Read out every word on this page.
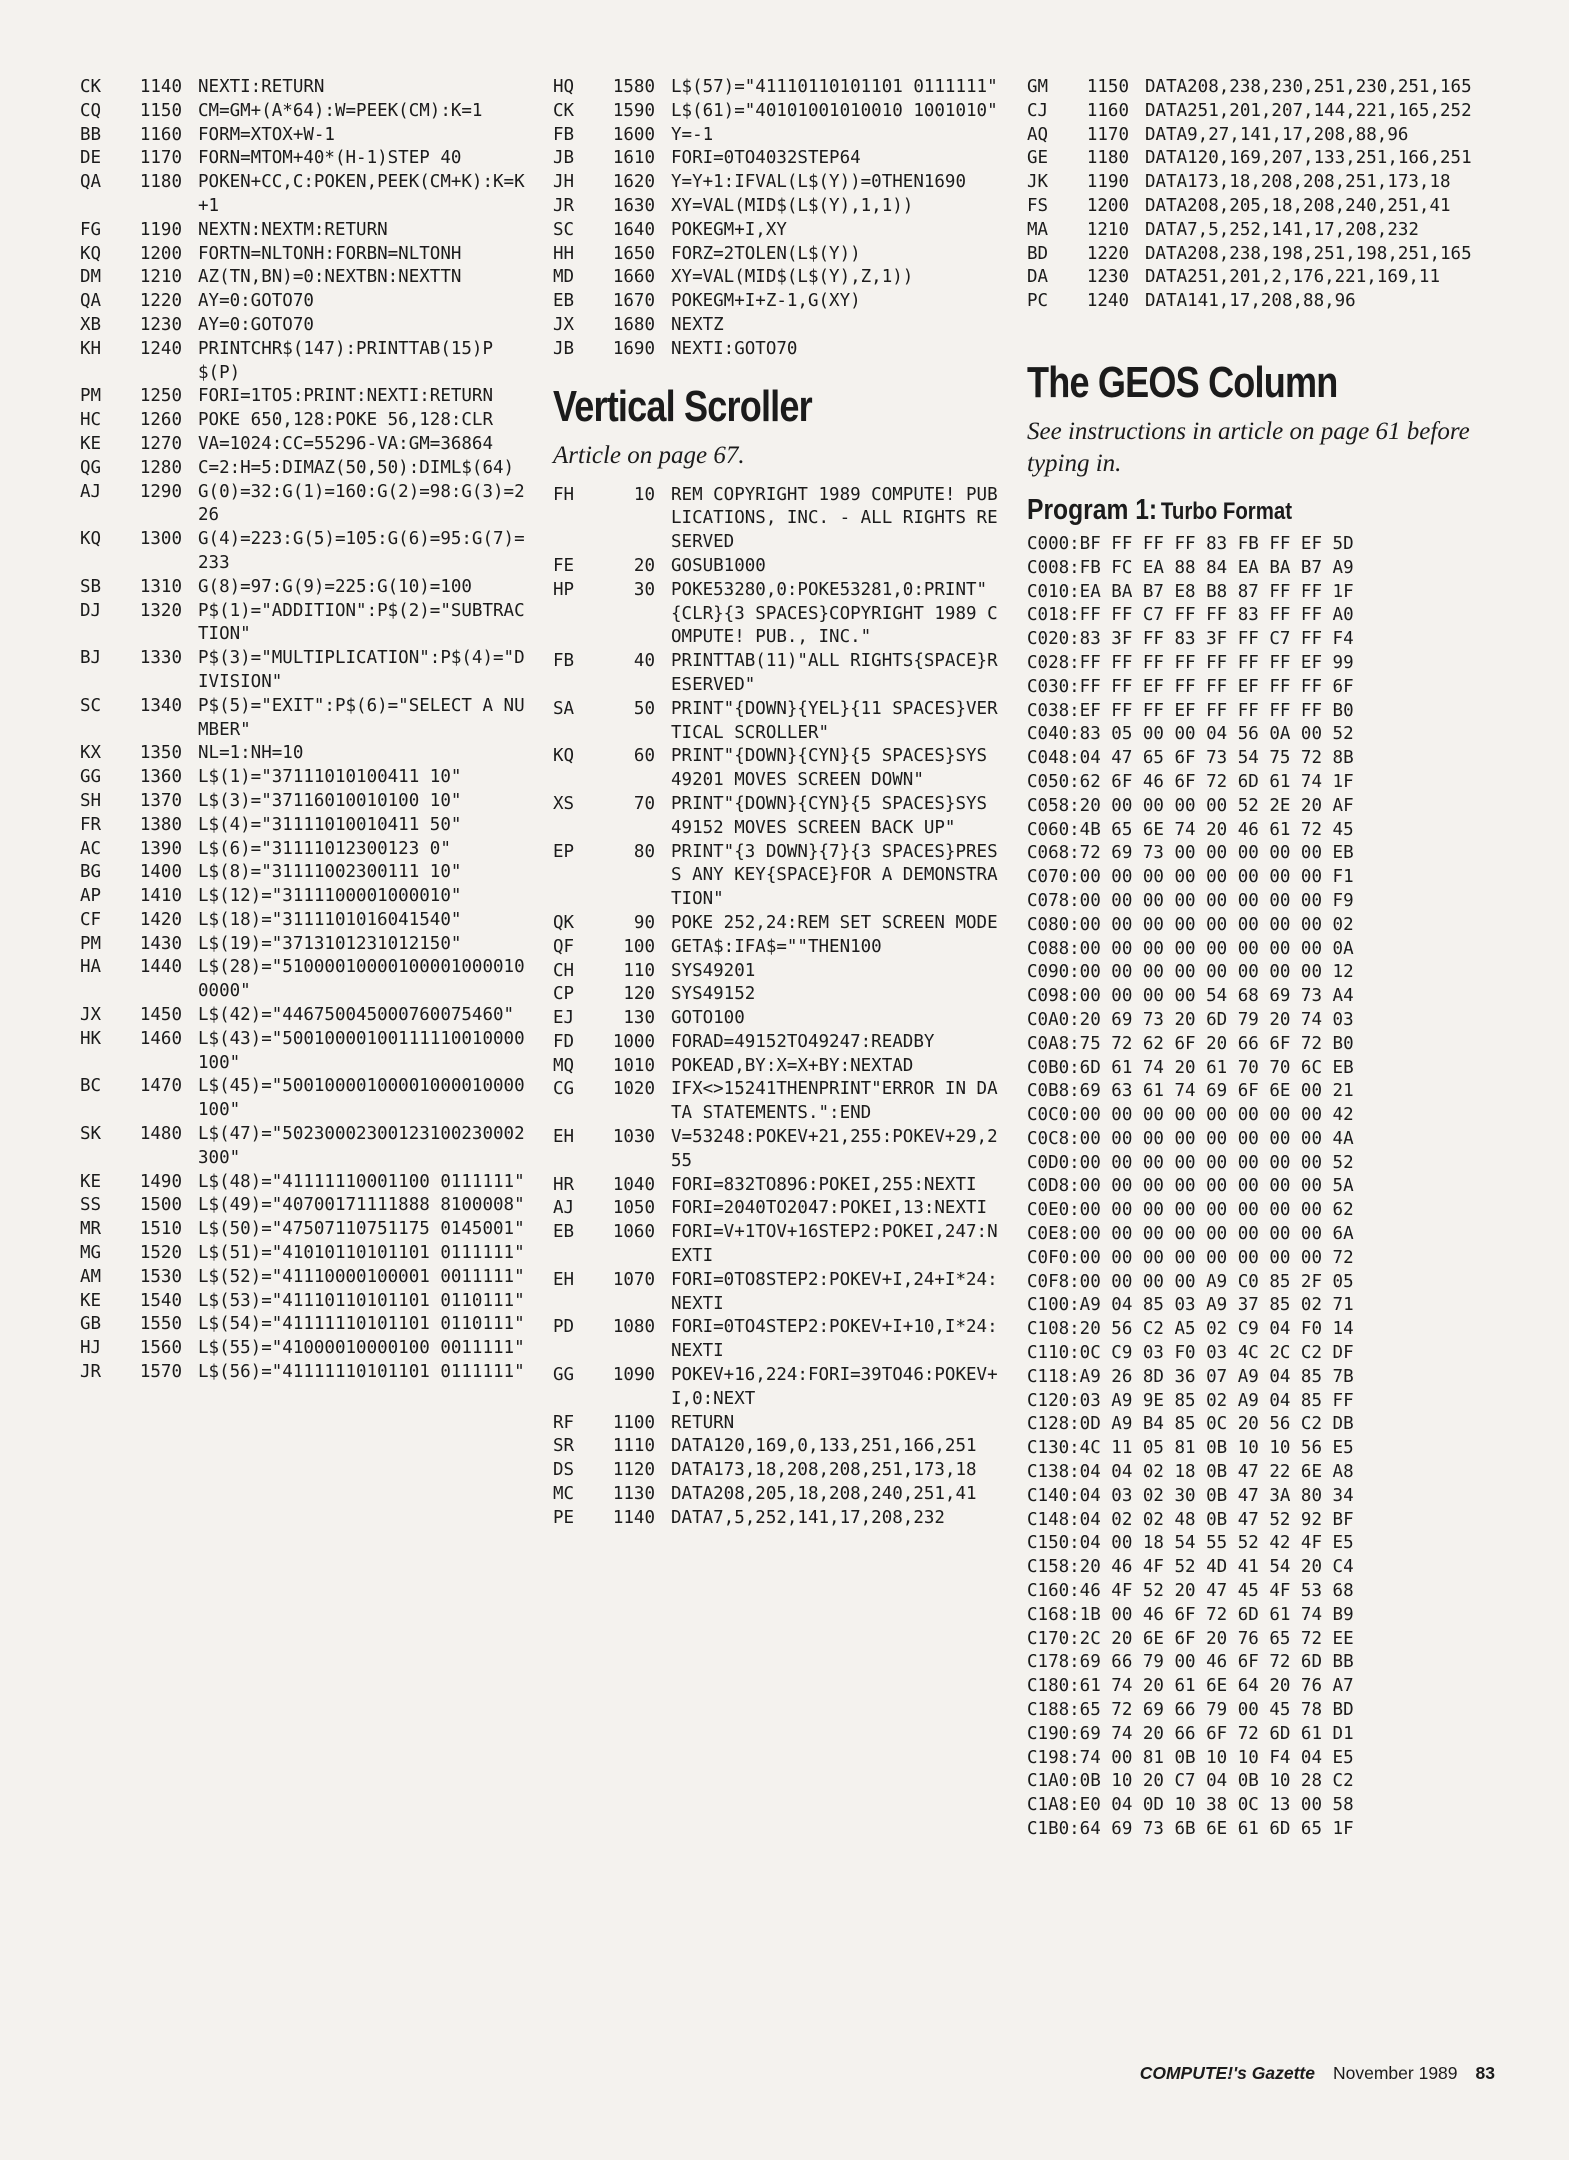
CK	1140 NEXTI:RETURN
CQ	1150 CM=GM+(A*64):W=PEEK(CM):K=1
BB	1160 FORM=XTOX+W-1
DE	1170 FORN=MTOM+40*(H-1)STEP 40
QA	1180 POKEN+CC,C:POKEN,PEEK(CM+K):K=K+1
FG	1190 NEXTN:NEXTM:RETURN
KQ	1200 FORTN=NLTONH:FORBN=NLTONH
DM	1210 AZ(TN,BN)=0:NEXTBN:NEXTTN
QA	1220 AY=0:GOTO70
XB	1230 AY=0:GOTO70
KH	1240 PRINTCHR$(147):PRINTTAB(15)P$(P)
PM	1250 FORI=1TO5:PRINT:NEXTI:RETURN
HC	1260 POKE 650,128:POKE 56,128:CLR
KE	1270 VA=1024:CC=55296-VA:GM=36864
QG	1280 C=2:H=5:DIMAZ(50,50):DIML$(64)
AJ	1290 G(0)=32:G(1)=160:G(2)=98:G(3)=226
KQ	1300 G(4)=223:G(5)=105:G(6)=95:G(7)=233
SB	1310 G(8)=97:G(9)=225:G(10)=100
DJ	1320 P$(1)="ADDITION":P$(2)="SUBTRACTION"
BJ	1330 P$(3)="MULTIPLICATION":P$(4)="DIVISION"
SC	1340 P$(5)="EXIT":P$(6)="SELECT A NUMBER"
KX	1350 NL=1:NH=10
GG	1360 L$(1)="37111010100411 10"
SH	1370 L$(3)="37116010010100 10"
FR	1380 L$(4)="31111010010411 50"
AC	1390 L$(6)="31111012300123 0"
BG	1400 L$(8)="31111002300111 10"
AP	1410 L$(12)="3111100001000010"
CF	1420 L$(18)="3111101016041540"
PM	1430 L$(19)="3713101231012150"
HA	1440 L$(28)="510000100001000010000100000"
JX	1450 L$(42)="446750045000760075460"
HK	1460 L$(43)="50010000100111110010000100"
BC	1470 L$(45)="50010000100001000010000100"
SK	1480 L$(47)="50230002300123100230002300"
KE	1490 L$(48)="41111110001100 0111111"
SS	1500 L$(49)="40700171111888 8100008"
MR	1510 L$(50)="47507110751175 0145001"
MG	1520 L$(51)="41010110101101 0111111"
AM	1530 L$(52)="41110000100001 0011111"
KE	1540 L$(53)="41110110101101 0110111"
GB	1550 L$(54)="41111110101101 0110111"
HJ	1560 L$(55)="41000010000100 0011111"
JR	1570 L$(56)="41111110101101 0111111"
HQ	1580 L$(57)="41110110101101 0111111"
CK	1590 L$(61)="40101001010010 1001010"
FB	1600 Y=-1
JB	1610 FORI=0TO4032STEP64
JH	1620 Y=Y+1:IFVAL(L$(Y))=0THEN1690
JR	1630 XY=VAL(MID$(L$(Y),1,1))
SC	1640 POKEGM+I,XY
HH	1650 FORZ=2TOLEN(L$(Y))
MD	1660 XY=VAL(MID$(L$(Y),Z,1))
EB	1670 POKEGM+I+Z-1,G(XY)
JX	1680 NEXTZ
JB	1690 NEXTI:GOTO70
Vertical Scroller
Article on page 67.
FH	10 REM COPYRIGHT 1989 COMPUTE! PUBLICATIONS, INC. - ALL RIGHTS RESERVED
FE	20 GOSUB1000
HP	30 POKE53280,0:POKE53281,0:PRINT"{CLR}{3 SPACES}COPYRIGHT 1989 COMPUTE! PUB., INC."
FB	40 PRINTTAB(11)"ALL RIGHTS{SPACE}RESERVED"
SA	50 PRINT"{DOWN}{YEL}{11 SPACES}VERTICAL SCROLLER"
KQ	60 PRINT"{DOWN}{CYN}{5 SPACES}SYS 49201 MOVES SCREEN DOWN"
XS	70 PRINT"{DOWN}{CYN}{5 SPACES}SYS 49152 MOVES SCREEN BACK UP"
EP	80 PRINT"{3 DOWN}{7}{3 SPACES}PRESS ANY KEY{SPACE}FOR A DEMONSTRATION"
QK	90 POKE 252,24:REM SET SCREEN MODE
QF	100 GETA$:IFA$=""THEN100
CH	110 SYS49201
CP	120 SYS49152
EJ	130 GOTO100
FD	1000 FORAD=49152TO49247:READBY
MQ	1010 POKEAD,BY:X=X+BY:NEXTAD
CG	1020 IFX<>15241THENPRINT"ERROR IN DATA STATEMENTS.":END
EH	1030 V=53248:POKEV+21,255:POKEV+29,255
HR	1040 FORI=832TO896:POKEI,255:NEXTI
AJ	1050 FORI=2040TO2047:POKEI,13:NEXTI
EB	1060 FORI=V+1TOV+16STEP2:POKEI,247:NEXTI
EH	1070 FORI=0TO8STEP2:POKEV+I,24+I*24:NEXTI
PD	1080 FORI=0TO4STEP2:POKEV+I+10,I*24:NEXTI
GG	1090 POKEV+16,224:FORI=39TO46:POKEV+I,0:NEXT
RF	1100 RETURN
SR	1110 DATA120,169,0,133,251,166,251
DS	1120 DATA173,18,208,208,251,173,18
MC	1130 DATA208,205,18,208,240,251,41
PE	1140 DATA7,5,252,141,17,208,232
GM	1150 DATA208,238,230,251,230,251,165
CJ	1160 DATA251,201,207,144,221,165,252
AQ	1170 DATA9,27,141,17,208,88,96
GE	1180 DATA120,169,207,133,251,166,251
JK	1190 DATA173,18,208,208,251,173,18
FS	1200 DATA208,205,18,208,240,251,41
MA	1210 DATA7,5,252,141,17,208,232
BD	1220 DATA208,238,198,251,198,251,165
DA	1230 DATA251,201,2,176,221,169,11
PC	1240 DATA141,17,208,88,96
The GEOS Column
See instructions in article on page 61 before typing in.
Program 1: Turbo Format
C000:BF FF FF FF 83 FB FF EF 5D
C008:FB FC EA 88 84 EA BA B7 A9
C010:EA BA B7 E8 B8 87 FF FF 1F
C018:FF FF C7 FF FF 83 FF FF A0
C020:83 3F FF 83 3F FF C7 FF F4
C028:FF FF FF FF FF FF FF EF 99
C030:FF FF EF FF FF EF FF FF 6F
C038:EF FF FF EF FF FF FF FF B0
C040:83 05 00 00 04 56 0A 00 52
C048:04 47 65 6F 73 54 75 72 8B
C050:62 6F 46 6F 72 6D 61 74 1F
C058:20 00 00 00 00 52 2E 20 AF
C060:4B 65 6E 74 20 46 61 72 45
C068:72 69 73 00 00 00 00 00 EB
C070:00 00 00 00 00 00 00 00 F1
C078:00 00 00 00 00 00 00 00 F9
C080:00 00 00 00 00 00 00 00 02
C088:00 00 00 00 00 00 00 00 0A
C090:00 00 00 00 00 00 00 00 12
C098:00 00 00 00 54 68 69 73 A4
C0A0:20 69 73 20 6D 79 20 74 03
C0A8:75 72 62 6F 20 66 6F 72 B0
C0B0:6D 61 74 20 61 70 70 6C EB
C0B8:69 63 61 74 69 6F 6E 00 21
C0C0:00 00 00 00 00 00 00 00 42
C0C8:00 00 00 00 00 00 00 00 4A
C0D0:00 00 00 00 00 00 00 00 52
C0D8:00 00 00 00 00 00 00 00 5A
C0E0:00 00 00 00 00 00 00 00 62
C0E8:00 00 00 00 00 00 00 00 6A
C0F0:00 00 00 00 00 00 00 00 72
C0F8:00 00 00 00 A9 C0 85 2F 05
C100:A9 04 85 03 A9 37 85 02 71
C108:20 56 C2 A5 02 C9 04 F0 14
C110:0C C9 03 F0 03 4C 2C C2 DF
C118:A9 26 8D 36 07 A9 04 85 7B
C120:03 A9 9E 85 02 A9 04 85 FF
C128:0D A9 B4 85 0C 20 56 C2 DB
C130:4C 11 05 81 0B 10 10 56 E5
C138:04 04 02 18 0B 47 22 6E A8
C140:04 03 02 30 0B 47 3A 80 34
C148:04 02 02 48 0B 47 52 92 BF
C150:04 00 18 54 55 52 42 4F E5
C158:20 46 4F 52 4D 41 54 20 C4
C160:46 4F 52 20 47 45 4F 53 68
C168:1B 00 46 6F 72 6D 61 74 B9
C170:2C 20 6E 6F 20 76 65 72 EE
C178:69 66 79 00 46 6F 72 6D BB
C180:61 74 20 61 6E 64 20 76 A7
C188:65 72 69 66 79 00 45 78 BD
C190:69 74 20 66 6F 72 6D 61 D1
C198:74 00 81 0B 10 10 F4 04 E5
C1A0:0B 10 20 C7 04 0B 10 28 C2
C1A8:E0 04 0D 10 38 0C 13 00 58
C1B0:64 69 73 6B 6E 61 6D 65 1F
COMPUTE!'s Gazette November 1989 83
